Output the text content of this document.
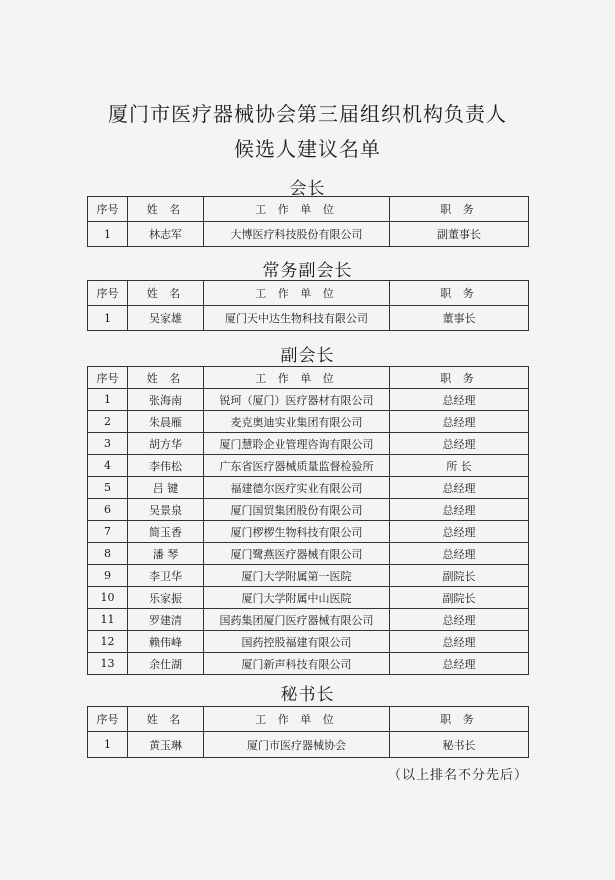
厦门市医疗器械协会第三届组织机构负责人
候选人建议名单
会长
序号	姓 名	工 作 单 位	职 务
1	林志军	大博医疗科技股份有限公司	副董事长
常务副会长
序号	姓 名	工 作 单 位	职 务
1	吴家雄	厦门天中达生物科技有限公司	董事长
副会长
序号	姓 名	工 作 单 位	职 务
1	张海南	锐珂（厦门）医疗器材有限公司	总经理
2	朱晨雁	麦克奥迪实业集团有限公司	总经理
3	胡方华	厦门慧聆企业管理咨询有限公司	总经理
4	李伟松	广东省医疗器械质量监督检验所	所 长
5	吕 键	福建德尔医疗实业有限公司	总经理
6	吴景泉	厦门国贸集团股份有限公司	总经理
7	简玉香	厦门椤椤生物科技有限公司	总经理
8	潘 琴	厦门鹭燕医疗器械有限公司	总经理
9	李卫华	厦门大学附属第一医院	副院长
10	乐家振	厦门大学附属中山医院	副院长
11	罗建清	国药集团厦门医疗器械有限公司	总经理
12	赖伟峰	国药控股福建有限公司	总经理
13	余仕湖	厦门新声科技有限公司	总经理
秘书长
序号	姓 名	工 作 单 位	职 务
1	黄玉琳	厦门市医疗器械协会	秘书长
（以上排名不分先后）
